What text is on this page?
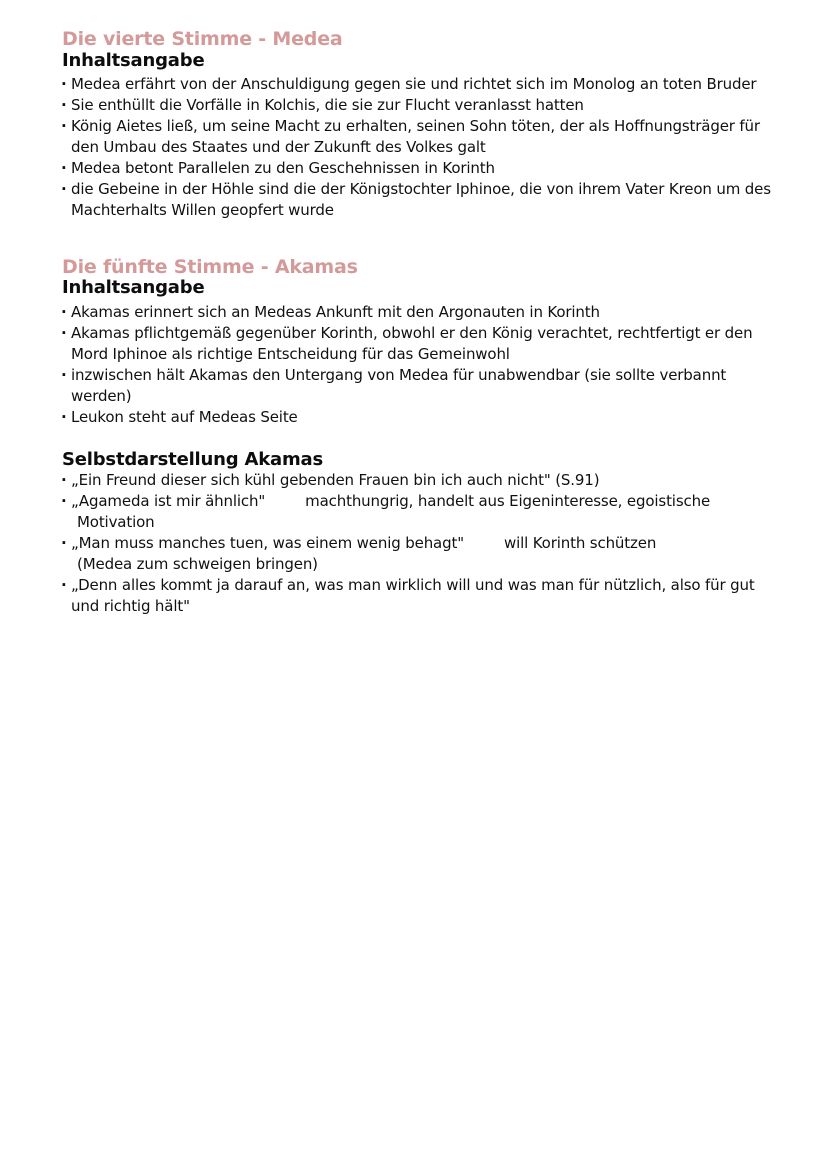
Die vierte Stimme - Medea
Inhaltsangabe
· Medea erfährt von der Anschuldigung gegen sie und richtet sich im Monolog an toten Bruder
· Sie enthüllt die Vorfälle in Kolchis, die sie zur Flucht veranlasst hatten
· König Aietes ließ, um seine Macht zu erhalten, seinen Sohn töten, der als Hoffnungsträger für den Umbau des Staates und der Zukunft des Volkes galt
· Medea betont Parallelen zu den Geschehnissen in Korinth
· die Gebeine in der Höhle sind die der Königstochter Iphinoe, die von ihrem Vater Kreon um des Machterhalts Willen geopfert wurde
Die fünfte Stimme - Akamas
Inhaltsangabe
· Akamas erinnert sich an Medeas Ankunft mit den Argonauten in Korinth
· Akamas pflichtgemäß gegenüber Korinth, obwohl er den König verachtet, rechtfertigt er den Mord Iphinoe als richtige Entscheidung für das Gemeinwohl
· inzwischen hält Akamas den Untergang von Medea für unabwendbar (sie sollte verbannt werden)
· Leukon steht auf Medeas Seite
Selbstdarstellung Akamas
· „Ein Freund dieser sich kühl gebenden Frauen bin ich auch nicht" (S.91)
· „Agameda ist mir ähnlich"	machthungrig, handelt aus Eigeninteresse, egoistische
Motivation
· „Man muss manches tuen, was einem wenig behagt"	will Korinth schützen
(Medea zum schweigen bringen)
· „Denn alles kommt ja darauf an, was man wirklich will und was man für nützlich, also für gut und richtig hält"
